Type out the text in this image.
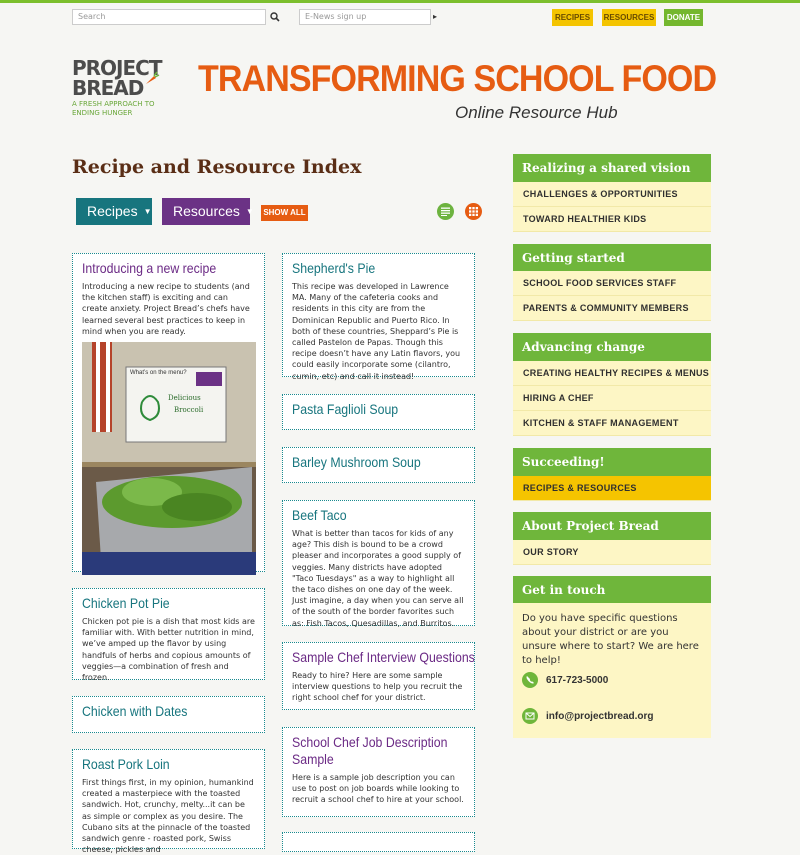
Search	E-News sign up	▸	RECIPES	RESOURCES	DONATE
PROJECT
BREAD
A FRESH APPROACH TO ENDING HUNGER
TRANSFORMING SCHOOL FOOD
Online Resource Hub
Recipe and Resource Index
Recipes ▼	Resources ▼ SHOW ALL
Introducing a new recipe
Introducing a new recipe to students (and the kitchen staff) is exciting and can create anxiety. Project Bread’s chefs have learned several best practices to keep in mind when you are ready.
What’s on the menu?
Delicious
Broccoli
Chicken Pot Pie
Chicken pot pie is a dish that most kids are familiar with. With better nutrition in mind, we’ve amped up the flavor by using handfuls of herbs and copious amounts of veggies—a combination of fresh and frozen.
Chicken with Dates
Roast Pork Loin
First things first, in my opinion, humankind created a masterpiece with the toasted sandwich. Hot, crunchy, melty...it can be as simple or complex as you desire. The Cubano sits at the pinnacle of the toasted sandwich genre - roasted pork, Swiss cheese, pickles and
Shepherd's Pie
This recipe was developed in Lawrence MA. Many of the cafeteria cooks and residents in this city are from the Dominican Republic and Puerto Rico. In both of these countries, Sheppard’s Pie is called Pastelon de Papas. Though this recipe doesn’t have any Latin flavors, you could easily incorporate some (cilantro, cumin, etc) and call it instead!
Pasta Faglioli Soup
Barley Mushroom Soup
Beef Taco
What is better than tacos for kids of any age? This dish is bound to be a crowd pleaser and incorporates a good supply of veggies. Many districts have adopted "Taco Tuesdays" as a way to highlight all the taco dishes on one day of the week. Just imagine, a day when you can serve all of the south of the border favorites such as: Fish Tacos, Quesadillas, and Burritos.
Sample Chef Interview Questions
Ready to hire? Here are some sample interview questions to help you recruit the right school chef for your district.
School Chef Job Description
Sample
Here is a sample job description you can use to post on job boards while looking to recruit a school chef to hire at your school.
Realizing a shared vision
CHALLENGES & OPPORTUNITIES
TOWARD HEALTHIER KIDS
Getting started
SCHOOL FOOD SERVICES STAFF
PARENTS & COMMUNITY MEMBERS
Advancing change
CREATING HEALTHY RECIPES & MENUS
HIRING A CHEF
KITCHEN & STAFF MANAGEMENT
Succeeding!
RECIPES & RESOURCES
About Project Bread
OUR STORY
Get in touch
Do you have specific questions about your district or are you unsure where to start? We are here to help!
617-723-5000
info@projectbread.org
